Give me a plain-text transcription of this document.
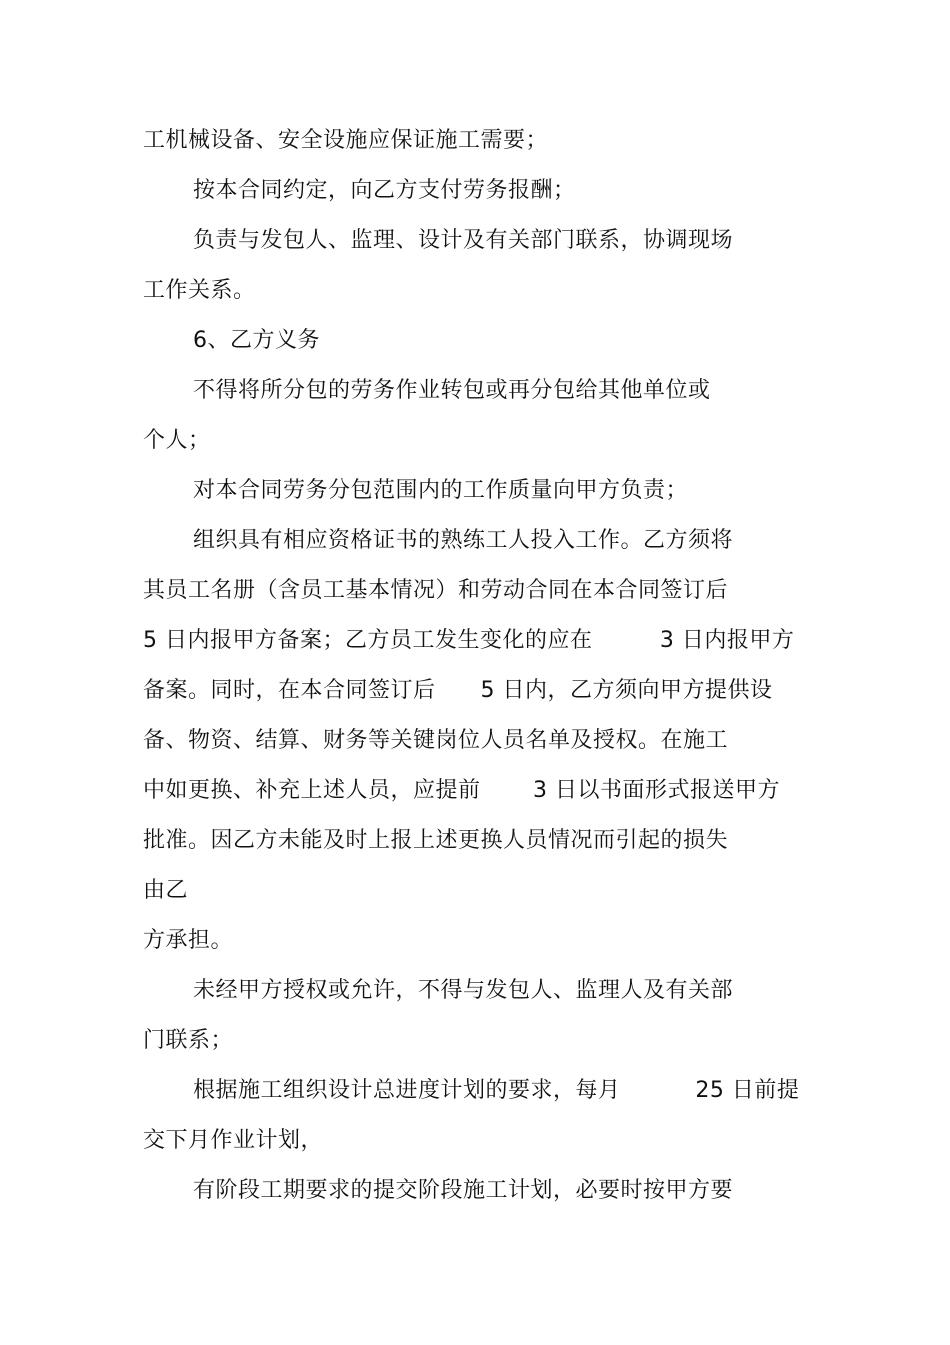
工机械设备、安全设施应保证施工需要；
按本合同约定，向乙方支付劳务报酬；
负责与发包人、监理、设计及有关部门联系，协调现场
工作关系。
6、乙方义务
不得将所分包的劳务作业转包或再分包给其他单位或
个人；
对本合同劳务分包范围内的工作质量向甲方负责；
组织具有相应资格证书的熟练工人投入工作。乙方须将
其员工名册（含员工基本情况）和劳动合同在本合同签订后
5 日内报甲方备案；乙方员工发生变化的应在         3 日内报甲方
备案。同时，在本合同签订后      5 日内，乙方须向甲方提供设
备、物资、结算、财务等关键岗位人员名单及授权。在施工
中如更换、补充上述人员，应提前       3 日以书面形式报送甲方
批准。因乙方未能及时上报上述更换人员情况而引起的损失
由乙
方承担。
未经甲方授权或允许，不得与发包人、监理人及有关部
门联系；
根据施工组织设计总进度计划的要求，每月          25 日前提
交下月作业计划，
有阶段工期要求的提交阶段施工计划，必要时按甲方要
